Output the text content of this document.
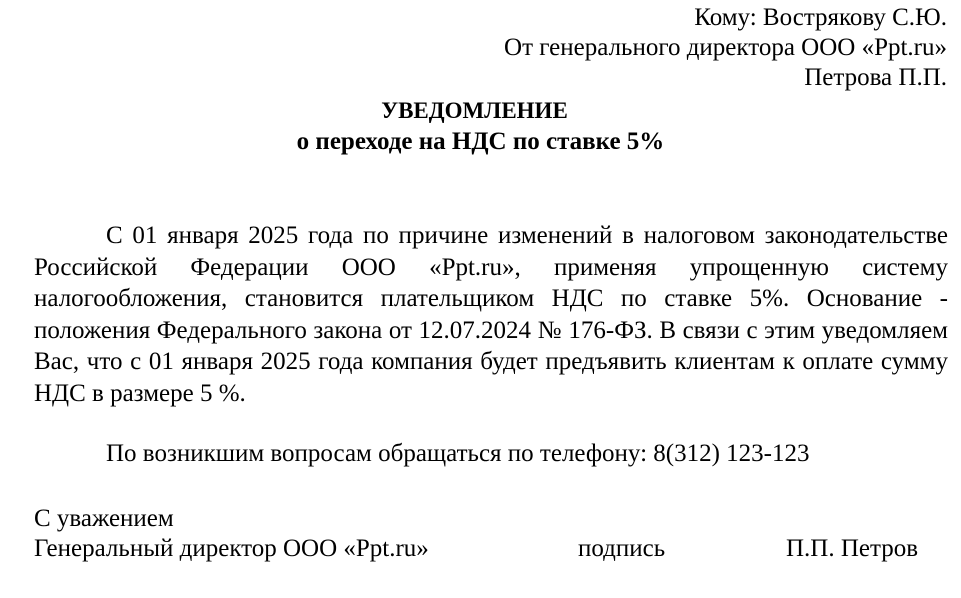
Кому: Вострякову С.Ю.
От генерального директора ООО «Ppt.ru»
Петрова П.П.
УВЕДОМЛЕНИЕ
о переходе на НДС по ставке 5%
С 01 января 2025 года по причине изменений в налоговом законодательстве Российской Федерации ООО «Ppt.ru», применяя упрощенную систему налогообложения, становится плательщиком НДС по ставке 5%. Основание - положения Федерального закона от 12.07.2024 № 176-ФЗ. В связи с этим уведомляем Вас, что с 01 января 2025 года компания будет предъявить клиентам к оплате сумму НДС в размере 5 %.
По возникшим вопросам обращаться по телефону: 8(312) 123-123
С уважением
Генеральный директор ООО «Ppt.ru»	подпись	П.П. Петров
